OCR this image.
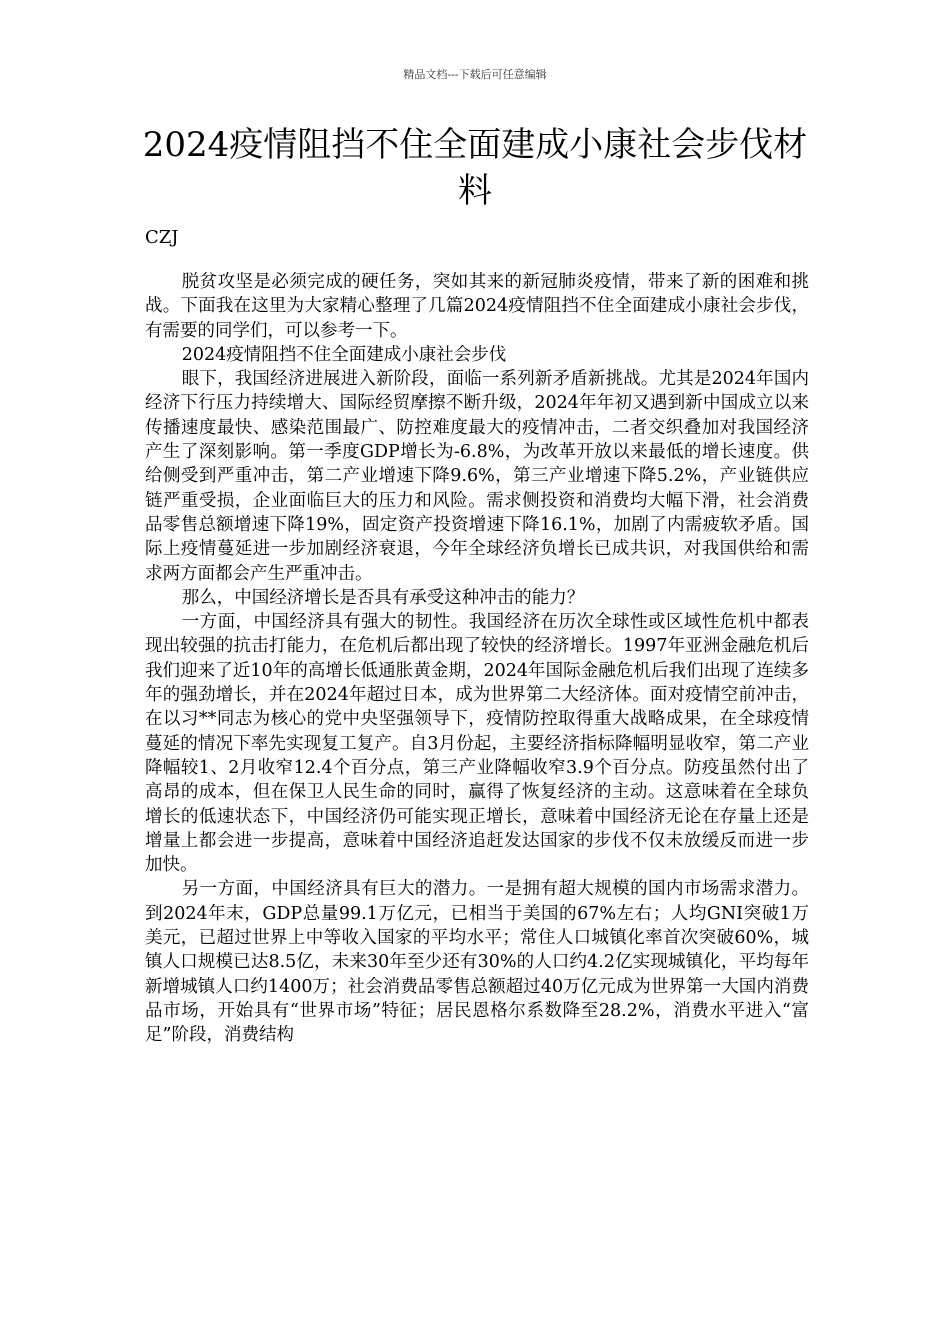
精品文档---下载后可任意编辑
2024疫情阻挡不住全面建成小康社会步伐材料
CZJ

脱贫攻坚是必须完成的硬任务，突如其来的新冠肺炎疫情，带来了新的困难和挑战。下面我在这里为大家精心整理了几篇2024疫情阻挡不住全面建成小康社会步伐，有需要的同学们，可以参考一下。

2024疫情阻挡不住全面建成小康社会步伐

眼下，我国经济进展进入新阶段，面临一系列新矛盾新挑战。尤其是2024年国内经济下行压力持续增大、国际经贸摩擦不断升级，2024年年初又遇到新中国成立以来传播速度最快、感染范围最广、防控难度最大的疫情冲击，二者交织叠加对我国经济产生了深刻影响。第一季度GDP增长为-6.8%，为改革开放以来最低的增长速度。供给侧受到严重冲击，第二产业增速下降9.6%，第三产业增速下降5.2%，产业链供应链严重受损，企业面临巨大的压力和风险。需求侧投资和消费均大幅下滑，社会消费品零售总额增速下降19%，固定资产投资增速下降16.1%，加剧了内需疲软矛盾。国际上疫情蔓延进一步加剧经济衰退，今年全球经济负增长已成共识，对我国供给和需求两方面都会产生严重冲击。

那么，中国经济增长是否具有承受这种冲击的能力？

一方面，中国经济具有强大的韧性。我国经济在历次全球性或区域性危机中都表现出较强的抗击打能力，在危机后都出现了较快的经济增长。1997年亚洲金融危机后我们迎来了近10年的高增长低通胀黄金期，2024年国际金融危机后我们出现了连续多年的强劲增长，并在2024年超过日本，成为世界第二大经济体。面对疫情空前冲击，在以习**同志为核心的党中央坚强领导下，疫情防控取得重大战略成果，在全球疫情蔓延的情况下率先实现复工复产。自3月份起，主要经济指标降幅明显收窄，第二产业降幅较1、2月收窄12.4个百分点，第三产业降幅收窄3.9个百分点。防疫虽然付出了高昂的成本，但在保卫人民生命的同时，赢得了恢复经济的主动。这意味着在全球负增长的低速状态下，中国经济仍可能实现正增长，意味着中国经济无论在存量上还是增量上都会进一步提高，意味着中国经济追赶发达国家的步伐不仅未放缓反而进一步加快。

另一方面，中国经济具有巨大的潜力。一是拥有超大规模的国内市场需求潜力。到2024年末，GDP总量99.1万亿元，已相当于美国的67%左右；人均GNI突破1万美元，已超过世界上中等收入国家的平均水平；常住人口城镇化率首次突破60%，城镇人口规模已达8.5亿，未来30年至少还有30%的人口约4.2亿实现城镇化，平均每年新增城镇人口约1400万；社会消费品零售总额超过40万亿元成为世界第一大国内消费品市场，开始具有“世界市场”特征；居民恩格尔系数降至28.2%，消费水平进入“富足”阶段，消费结构
